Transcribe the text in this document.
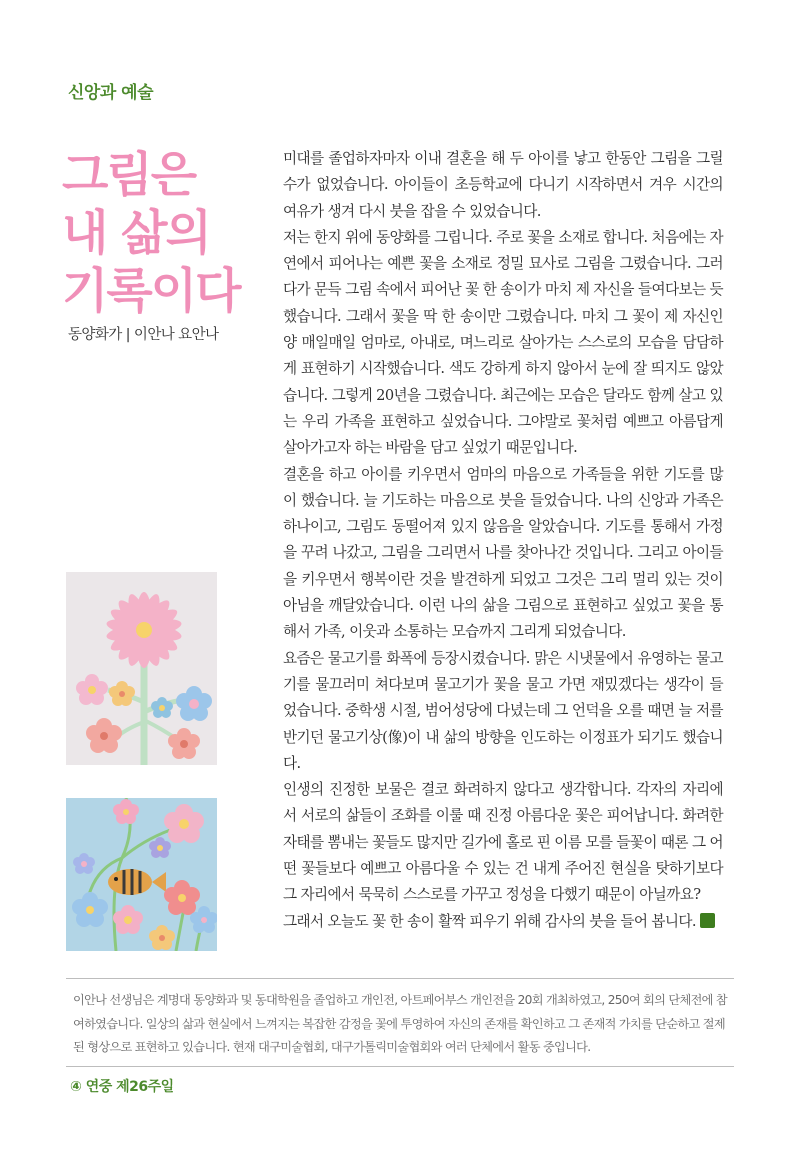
신앙과 예술
그림은
내 삶의
기록이다
동양화가 | 이안나 요안나

미대를 졸업하자마자 이내 결혼을 해 두 아이를 낳고 한동안 그림을 그릴 수가 없었습니다. 아이들이 초등학교에 다니기 시작하면서 겨우 시간의 여유가 생겨 다시 붓을 잡을 수 있었습니다.

저는 한지 위에 동양화를 그립니다. 주로 꽃을 소재로 합니다. 처음에는 자연에서 피어나는 예쁜 꽃을 소재로 정밀 묘사로 그림을 그렸습니다. 그러다가 문득 그림 속에서 피어난 꽃 한 송이가 마치 제 자신을 들여다보는 듯했습니다. 그래서 꽃을 딱 한 송이만 그렸습니다. 마치 그 꽃이 제 자신인 양 매일매일 엄마로, 아내로, 며느리로 살아가는 스스로의 모습을 담담하게 표현하기 시작했습니다. 색도 강하게 하지 않아서 눈에 잘 띄지도 않았습니다. 그렇게 20년을 그렸습니다. 최근에는 모습은 달라도 함께 살고 있는 우리 가족을 표현하고 싶었습니다. 그야말로 꽃처럼 예쁘고 아름답게 살아가고자 하는 바람을 담고 싶었기 때문입니다.

결혼을 하고 아이를 키우면서 엄마의 마음으로 가족들을 위한 기도를 많이 했습니다. 늘 기도하는 마음으로 붓을 들었습니다. 나의 신앙과 가족은 하나이고, 그림도 동떨어져 있지 않음을 알았습니다. 기도를 통해서 가정을 꾸려 나갔고, 그림을 그리면서 나를 찾아나간 것입니다. 그리고 아이들을 키우면서 행복이란 것을 발견하게 되었고 그것은 그리 멀리 있는 것이 아님을 깨달았습니다. 이런 나의 삶을 그림으로 표현하고 싶었고 꽃을 통해서 가족, 이웃과 소통하는 모습까지 그리게 되었습니다.

요즘은 물고기를 화폭에 등장시켰습니다. 맑은 시냇물에서 유영하는 물고기를 물끄러미 쳐다보며 물고기가 꽃을 물고 가면 재밌겠다는 생각이 들었습니다. 중학생 시절, 범어성당에 다녔는데 그 언덕을 오를 때면 늘 저를 반기던 물고기상(像)이 내 삶의 방향을 인도하는 이정표가 되기도 했습니다.

인생의 진정한 보물은 결코 화려하지 않다고 생각합니다. 각자의 자리에서 서로의 삶들이 조화를 이룰 때 진정 아름다운 꽃은 피어납니다. 화려한 자태를 뽐내는 꽃들도 많지만 길가에 홀로 핀 이름 모를 들꽃이 때론 그 어떤 꽃들보다 예쁘고 아름다울 수 있는 건 내게 주어진 현실을 탓하기보다 그 자리에서 묵묵히 스스로를 가꾸고 정성을 다했기 때문이 아닐까요?

그래서 오늘도 꽃 한 송이 활짝 피우기 위해 감사의 붓을 들어 봅니다.

이안나 선생님은 계명대 동양화과 및 동대학원을 졸업하고 개인전, 아트페어부스 개인전을 20회 개최하였고, 250여 회의 단체전에 참여하였습니다. 일상의 삶과 현실에서 느껴지는 복잡한 감정을 꽃에 투영하여 자신의 존재를 확인하고 그 존재적 가치를 단순하고 절제된 형상으로 표현하고 있습니다. 현재 대구미술협회, 대구가톨릭미술협회와 여러 단체에서 활동 중입니다.
④ 연중 제26주일
